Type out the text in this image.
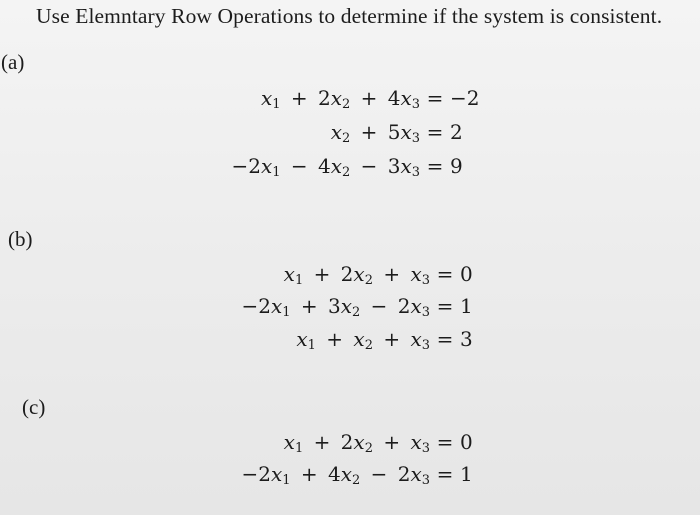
Use Elemntary Row Operations to determine if the system is consistent.
(a)
$x_1 + 2x_2 + 4x_3 = -2$
$x_2 + 5x_3 = 2$
$-2x_1 - 4x_2 - 3x_3 = 9$
(b)
$x_1 + 2x_2 + x_3 = 0$
$-2x_1 + 3x_2 - 2x_3 = 1$
$x_1 + x_2 + x_3 = 3$
(c)
$x_1 + 2x_2 + x_3 = 0$
$-2x_1 + 4x_2 - 2x_3 = 1$
